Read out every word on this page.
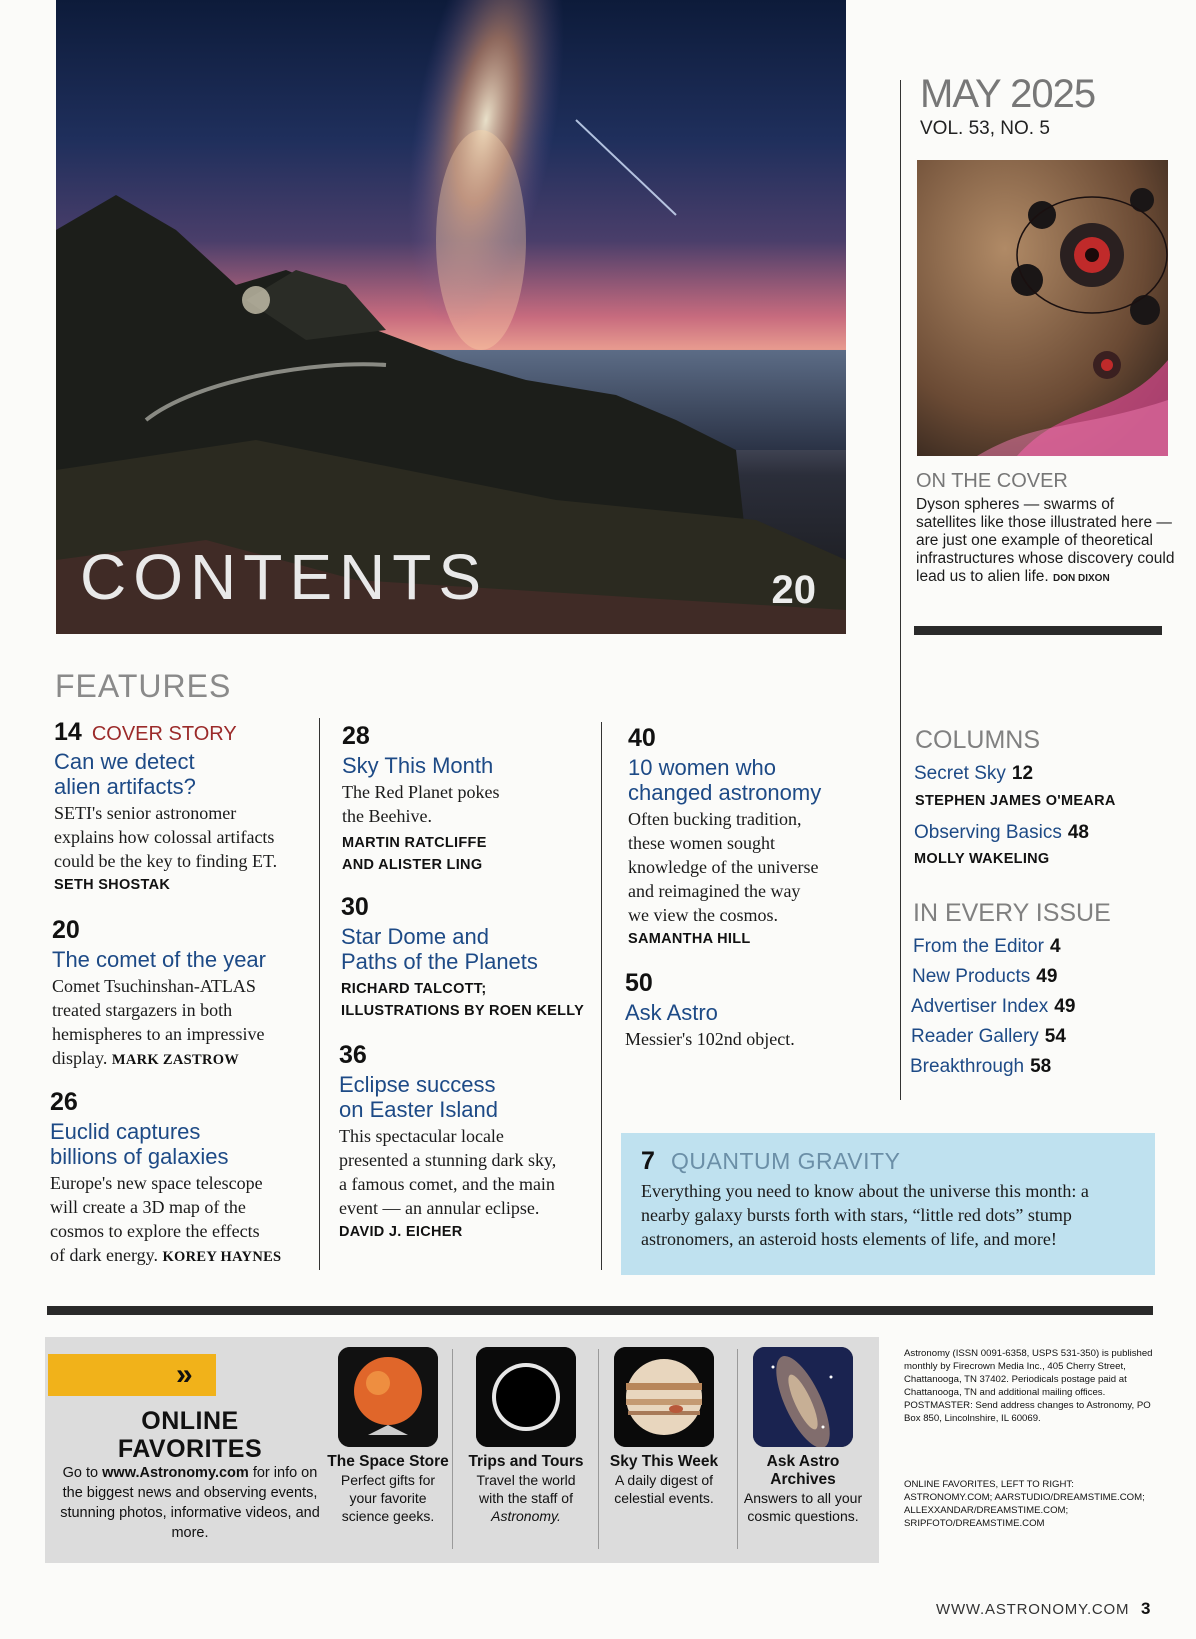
CONTENTS	20
MAY 2025
VOL. 53, NO. 5
ON THE COVER
Dyson spheres — swarms of satellites like those illustrated here — are just one example of theoretical infrastructures whose discovery could lead us to alien life. DON DIXON
FEATURES
14 COVER STORY
Can we detect
alien artifacts?
SETI's senior astronomer
explains how colossal artifacts
could be the key to finding ET.
SETH SHOSTAK
20
The comet of the year
Comet Tsuchinshan-ATLAS
treated stargazers in both
hemispheres to an impressive
display. MARK ZASTROW
26
Euclid captures
billions of galaxies
Europe's new space telescope
will create a 3D map of the
cosmos to explore the effects
of dark energy. KOREY HAYNES
28
Sky This Month
The Red Planet pokes
the Beehive.
MARTIN RATCLIFFE
AND ALISTER LING
30
Star Dome and
Paths of the Planets
RICHARD TALCOTT;
ILLUSTRATIONS BY ROEN KELLY
36
Eclipse success
on Easter Island
This spectacular locale
presented a stunning dark sky,
a famous comet, and the main
event — an annular eclipse.
DAVID J. EICHER
40
10 women who
changed astronomy
Often bucking tradition,
these women sought
knowledge of the universe
and reimagined the way
we view the cosmos.
SAMANTHA HILL
50
Ask Astro
Messier's 102nd object.
COLUMNS
Secret Sky 12
STEPHEN JAMES O'MEARA
Observing Basics 48
MOLLY WAKELING
IN EVERY ISSUE
From the Editor 4
New Products 49
Advertiser Index 49
Reader Gallery 54
Breakthrough 58
7 QUANTUM GRAVITY
Everything you need to know about the universe this month: a nearby galaxy bursts forth with stars, “little red dots” stump astronomers, an asteroid hosts elements of life, and more!
»
ONLINE
FAVORITES
Go to www.Astronomy.com for info on the biggest news and observing events, stunning photos, informative videos, and more.
The Space Store
Perfect gifts for your favorite science geeks.
Trips and Tours
Travel the world with the staff of Astronomy.
Sky This Week
A daily digest of celestial events.
Ask Astro Archives
Answers to all your cosmic questions.
Astronomy (ISSN 0091-6358, USPS 531-350) is published monthly by Firecrown Media Inc., 405 Cherry Street, Chattanooga, TN 37402. Periodicals postage paid at Chattanooga, TN and additional mailing offices. POSTMASTER: Send address changes to Astronomy, PO Box 850, Lincolnshire, IL 60069.
ONLINE FAVORITES, LEFT TO RIGHT: ASTRONOMY.COM; AARSTUDIO/DREAMSTIME.COM; ALLEXXANDAR/DREAMSTIME.COM; SRIPFOTO/DREAMSTIME.COM
WWW.ASTRONOMY.COM 3
